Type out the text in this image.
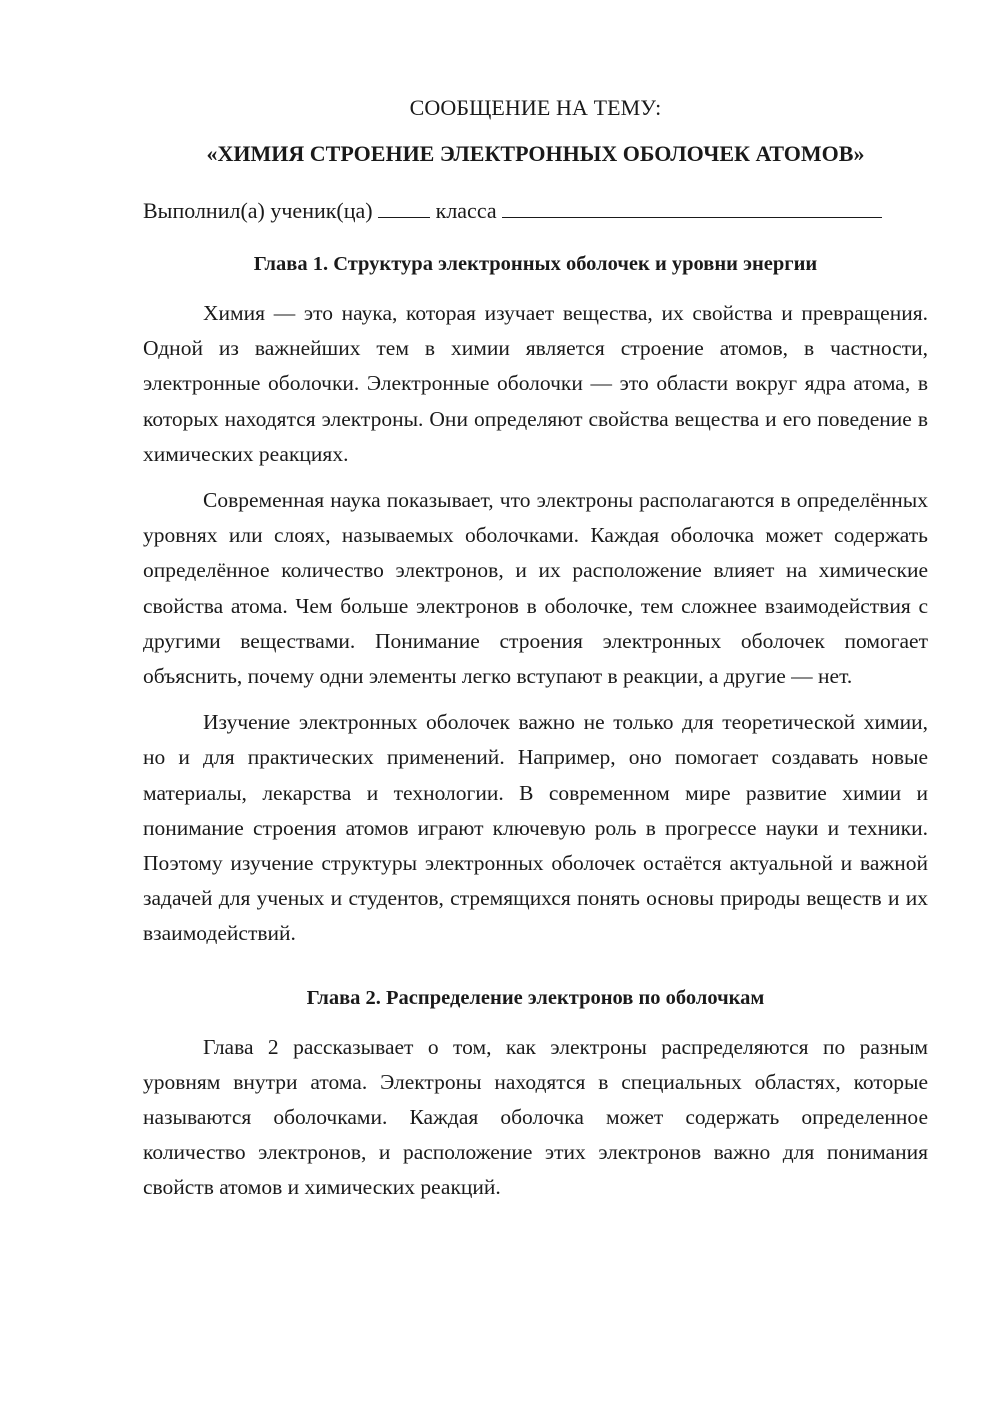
СООБЩЕНИЕ НА ТЕМУ:

«ХИМИЯ СТРОЕНИЕ ЭЛЕКТРОННЫХ ОБОЛОЧЕК АТОМОВ»

Выполнил(а) ученик(ца)	класса

Глава 1. Структура электронных оболочек и уровни энергии

Химия — это наука, которая изучает вещества, их свойства и превращения. Одной из важнейших тем в химии является строение атомов, в частности, электронные оболочки. Электронные оболочки — это области вокруг ядра атома, в которых находятся электроны. Они определяют свойства вещества и его поведение в химических реакциях.

Современная наука показывает, что электроны располагаются в определённых уровнях или слоях, называемых оболочками. Каждая оболочка может содержать определённое количество электронов, и их расположение влияет на химические свойства атома. Чем больше электронов в оболочке, тем сложнее взаимодействия с другими веществами. Понимание строения электронных оболочек помогает объяснить, почему одни элементы легко вступают в реакции, а другие — нет.

Изучение электронных оболочек важно не только для теоретической химии, но и для практических применений. Например, оно помогает создавать новые материалы, лекарства и технологии. В современном мире развитие химии и понимание строения атомов играют ключевую роль в прогрессе науки и техники. Поэтому изучение структуры электронных оболочек остаётся актуальной и важной задачей для ученых и студентов, стремящихся понять основы природы веществ и их взаимодействий.

Глава 2. Распределение электронов по оболочкам

Глава 2 рассказывает о том, как электроны распределяются по разным уровням внутри атома. Электроны находятся в специальных областях, которые называются оболочками. Каждая оболочка может содержать определенное количество электронов, и расположение этих электронов важно для понимания свойств атомов и химических реакций.
